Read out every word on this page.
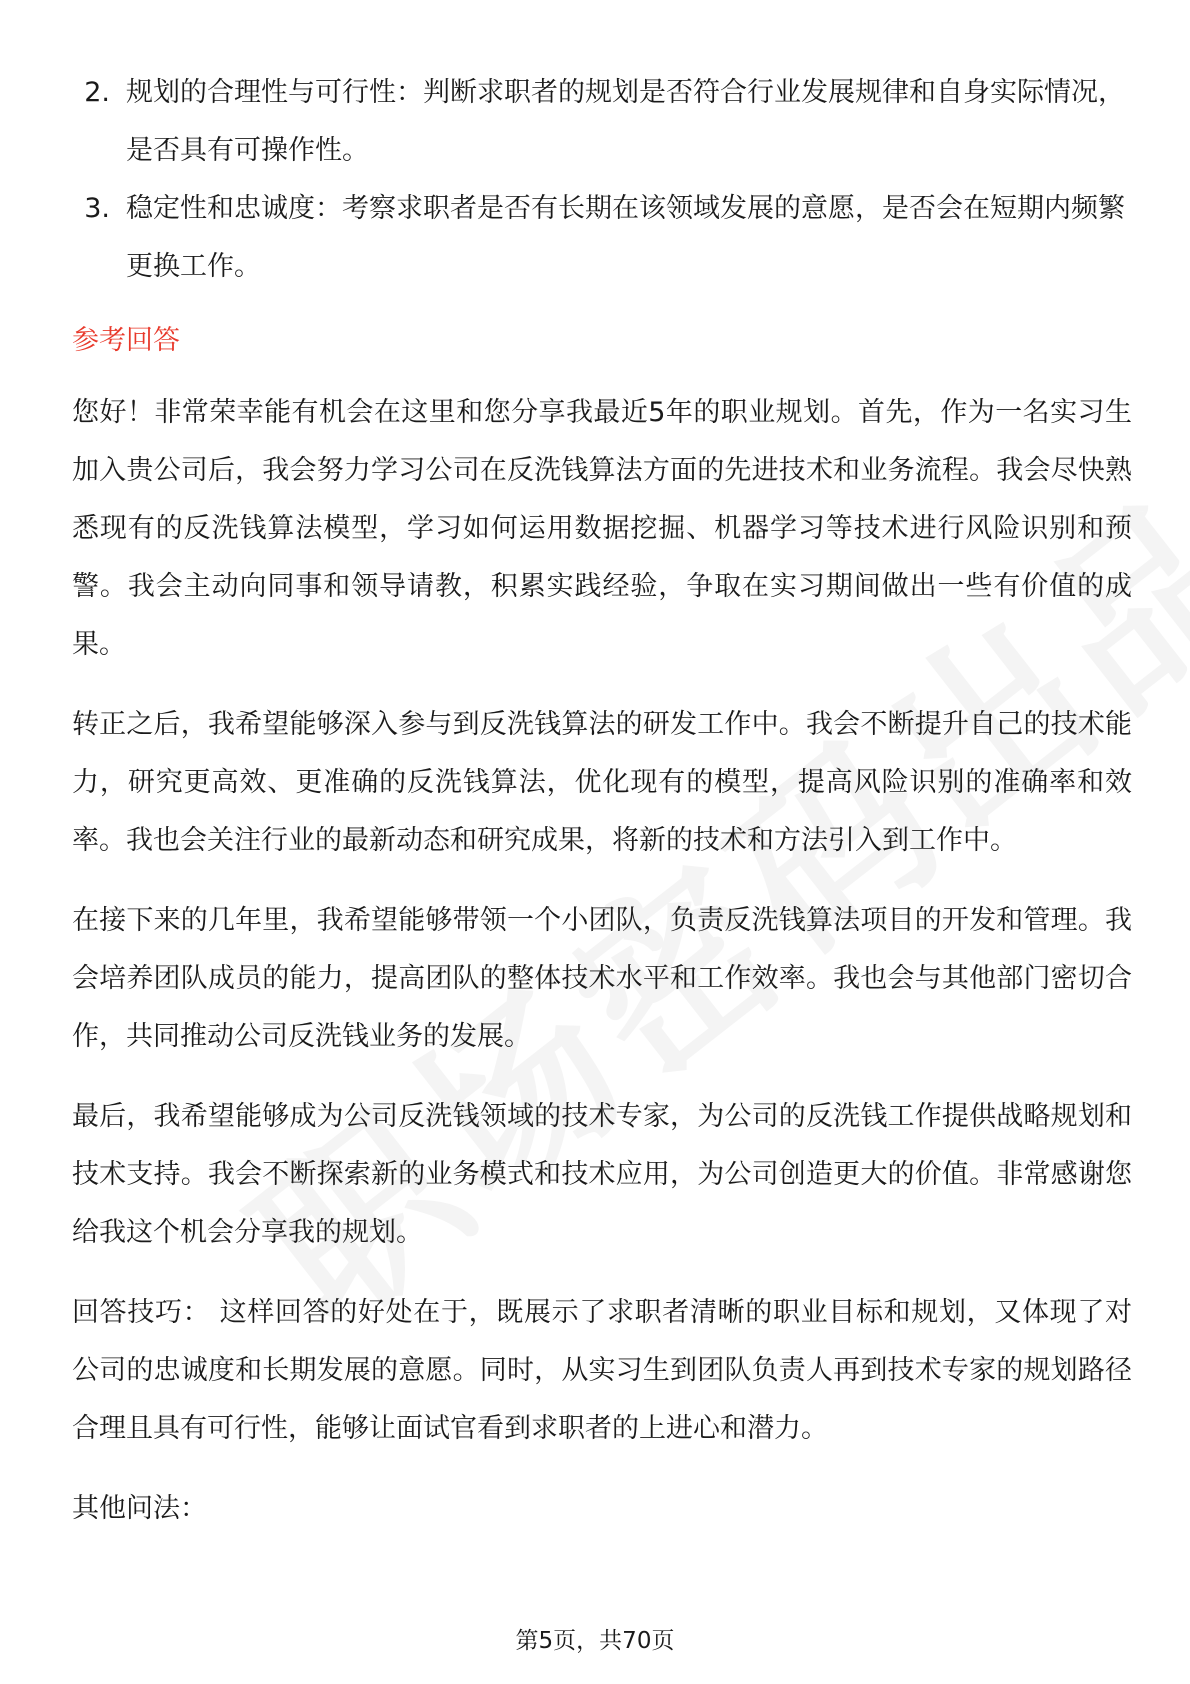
2. 规划的合理性与可行性：判断求职者的规划是否符合行业发展规律和自身实际情况，是否具有可操作性。
3. 稳定性和忠诚度：考察求职者是否有长期在该领域发展的意愿，是否会在短期内频繁更换工作。
参考回答

您好！非常荣幸能有机会在这里和您分享我最近5年的职业规划。首先，作为一名实习生加入贵公司后，我会努力学习公司在反洗钱算法方面的先进技术和业务流程。我会尽快熟悉现有的反洗钱算法模型，学习如何运用数据挖掘、机器学习等技术进行风险识别和预警。我会主动向同事和领导请教，积累实践经验，争取在实习期间做出一些有价值的成果。

转正之后，我希望能够深入参与到反洗钱算法的研发工作中。我会不断提升自己的技术能力，研究更高效、更准确的反洗钱算法，优化现有的模型，提高风险识别的准确率和效率。我也会关注行业的最新动态和研究成果，将新的技术和方法引入到工作中。

在接下来的几年里，我希望能够带领一个小团队，负责反洗钱算法项目的开发和管理。我会培养团队成员的能力，提高团队的整体技术水平和工作效率。我也会与其他部门密切合作，共同推动公司反洗钱业务的发展。

最后，我希望能够成为公司反洗钱领域的技术专家，为公司的反洗钱工作提供战略规划和技术支持。我会不断探索新的业务模式和技术应用，为公司创造更大的价值。非常感谢您给我这个机会分享我的规划。

回答技巧： 这样回答的好处在于，既展示了求职者清晰的职业目标和规划，又体现了对公司的忠诚度和长期发展的意愿。同时，从实习生到团队负责人再到技术专家的规划路径合理且具有可行性，能够让面试官看到求职者的上进心和潜力。

其他问法：

第5页，共70页
